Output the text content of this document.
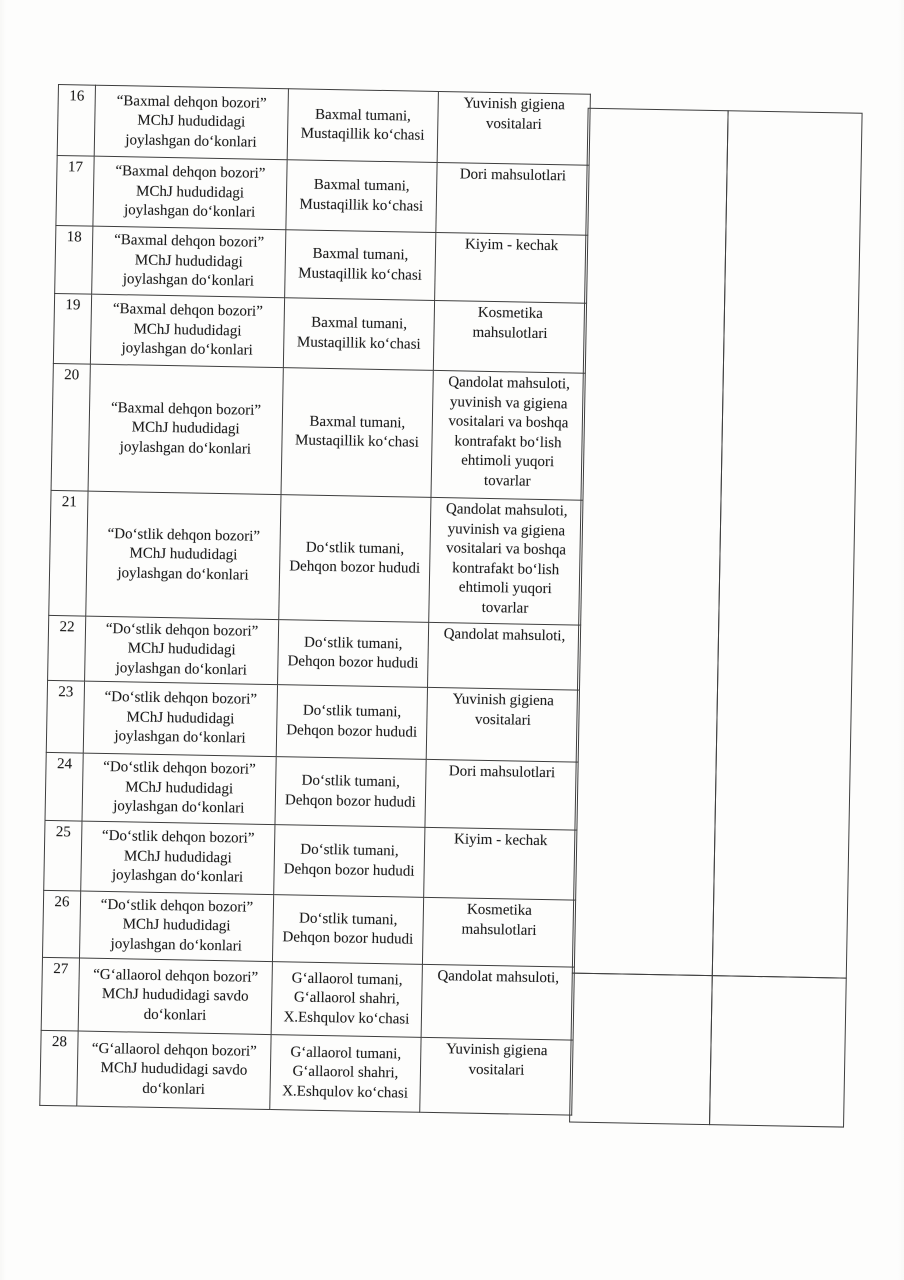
16	“Baxmal dehqon bozori”
MChJ hududidagi
joylashgan do‘konlari	Baxmal tumani,
Mustaqillik ko‘chasi	Yuvinish gigiena
vositalari
17	“Baxmal dehqon bozori”
MChJ hududidagi
joylashgan do‘konlari	Baxmal tumani,
Mustaqillik ko‘chasi	Dori mahsulotlari
18	“Baxmal dehqon bozori”
MChJ hududidagi
joylashgan do‘konlari	Baxmal tumani,
Mustaqillik ko‘chasi	Kiyim - kechak
19	“Baxmal dehqon bozori”
MChJ hududidagi
joylashgan do‘konlari	Baxmal tumani,
Mustaqillik ko‘chasi	Kosmetika
mahsulotlari
20	“Baxmal dehqon bozori”
MChJ hududidagi
joylashgan do‘konlari	Baxmal tumani,
Mustaqillik ko‘chasi	Qandolat mahsuloti,
yuvinish va gigiena
vositalari va boshqa
kontrafakt bo‘lish
ehtimoli yuqori
tovarlar
21	“Do‘stlik dehqon bozori”
MChJ hududidagi
joylashgan do‘konlari	Do‘stlik tumani,
Dehqon bozor hududi	Qandolat mahsuloti,
yuvinish va gigiena
vositalari va boshqa
kontrafakt bo‘lish
ehtimoli yuqori
tovarlar
22	“Do‘stlik dehqon bozori”
MChJ hududidagi
joylashgan do‘konlari	Do‘stlik tumani,
Dehqon bozor hududi	Qandolat mahsuloti,
23	“Do‘stlik dehqon bozori”
MChJ hududidagi
joylashgan do‘konlari	Do‘stlik tumani,
Dehqon bozor hududi	Yuvinish gigiena
vositalari
24	“Do‘stlik dehqon bozori”
MChJ hududidagi
joylashgan do‘konlari	Do‘stlik tumani,
Dehqon bozor hududi	Dori mahsulotlari
25	“Do‘stlik dehqon bozori”
MChJ hududidagi
joylashgan do‘konlari	Do‘stlik tumani,
Dehqon bozor hududi	Kiyim - kechak
26	“Do‘stlik dehqon bozori”
MChJ hududidagi
joylashgan do‘konlari	Do‘stlik tumani,
Dehqon bozor hududi	Kosmetika
mahsulotlari
27	“G‘allaorol dehqon bozori”
MChJ hududidagi savdo
do‘konlari	G‘allaorol tumani,
G‘allaorol shahri,
X.Eshqulov ko‘chasi	Qandolat mahsuloti,
28	“G‘allaorol dehqon bozori”
MChJ hududidagi savdo
do‘konlari	G‘allaorol tumani,
G‘allaorol shahri,
X.Eshqulov ko‘chasi	Yuvinish gigiena
vositalari
